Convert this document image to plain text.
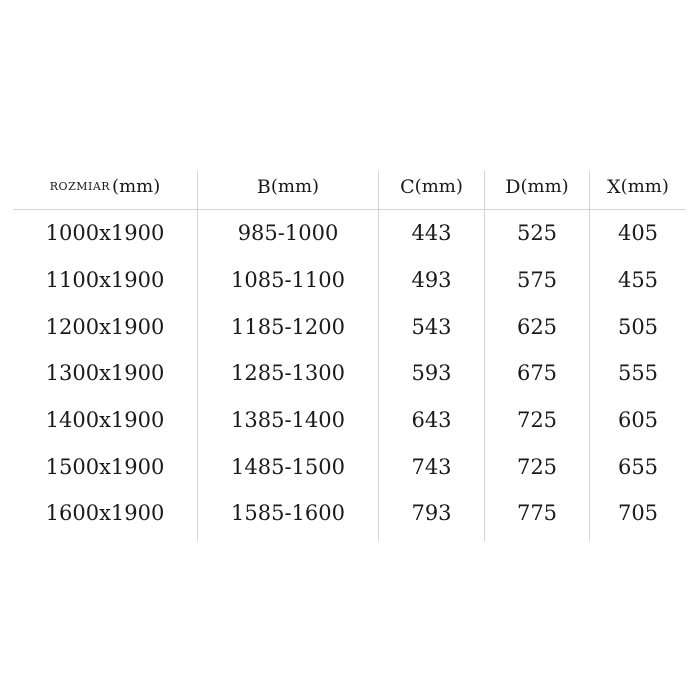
ROZMIAR (mm)	B (mm)	C (mm) D (mm) X (mm)
1000x1900	985-1000	443	525	405
1100x1900	1085-1100	493	575	455
1200x1900	1185-1200	543	625	505
1300x1900	1285-1300	593	675	555
1400x1900	1385-1400	643	725	605
1500x1900	1485-1500	743	725	655
1600x1900	1585-1600	793	775	705
